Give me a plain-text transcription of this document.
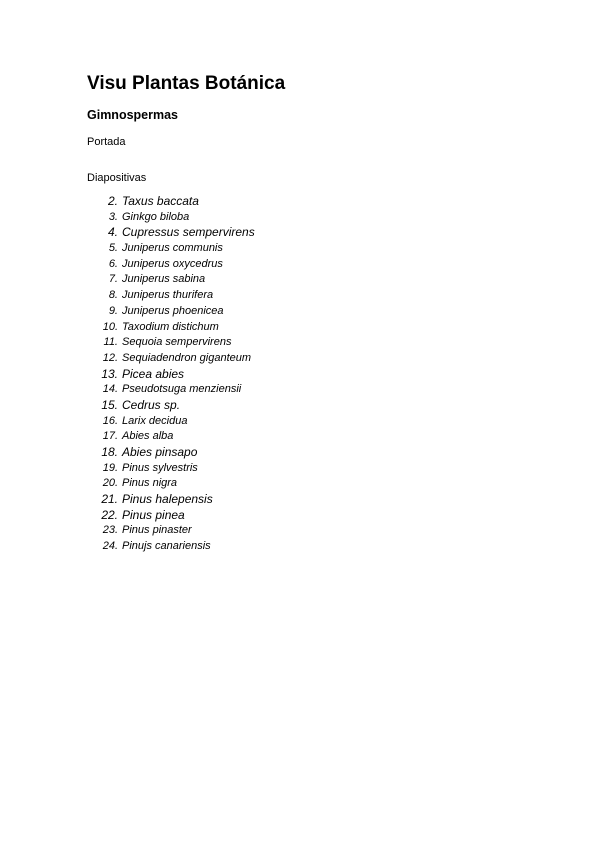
Visu Plantas Botánica
Gimnospermas

Portada

Diapositivas

2. Taxus baccata
3. Ginkgo biloba
4. Cupressus sempervirens
5. Juniperus communis
6. Juniperus oxycedrus
7. Juniperus sabina
8. Juniperus thurifera
9. Juniperus phoenicea
10. Taxodium distichum
11. Sequoia sempervirens
12. Sequiadendron giganteum
13. Picea abies
14. Pseudotsuga menziensii
15. Cedrus sp.
16. Larix decidua
17. Abies alba
18. Abies pinsapo
19. Pinus sylvestris
20. Pinus nigra
21. Pinus halepensis
22. Pinus pinea
23. Pinus pinaster
24. Pinujs canariensis
